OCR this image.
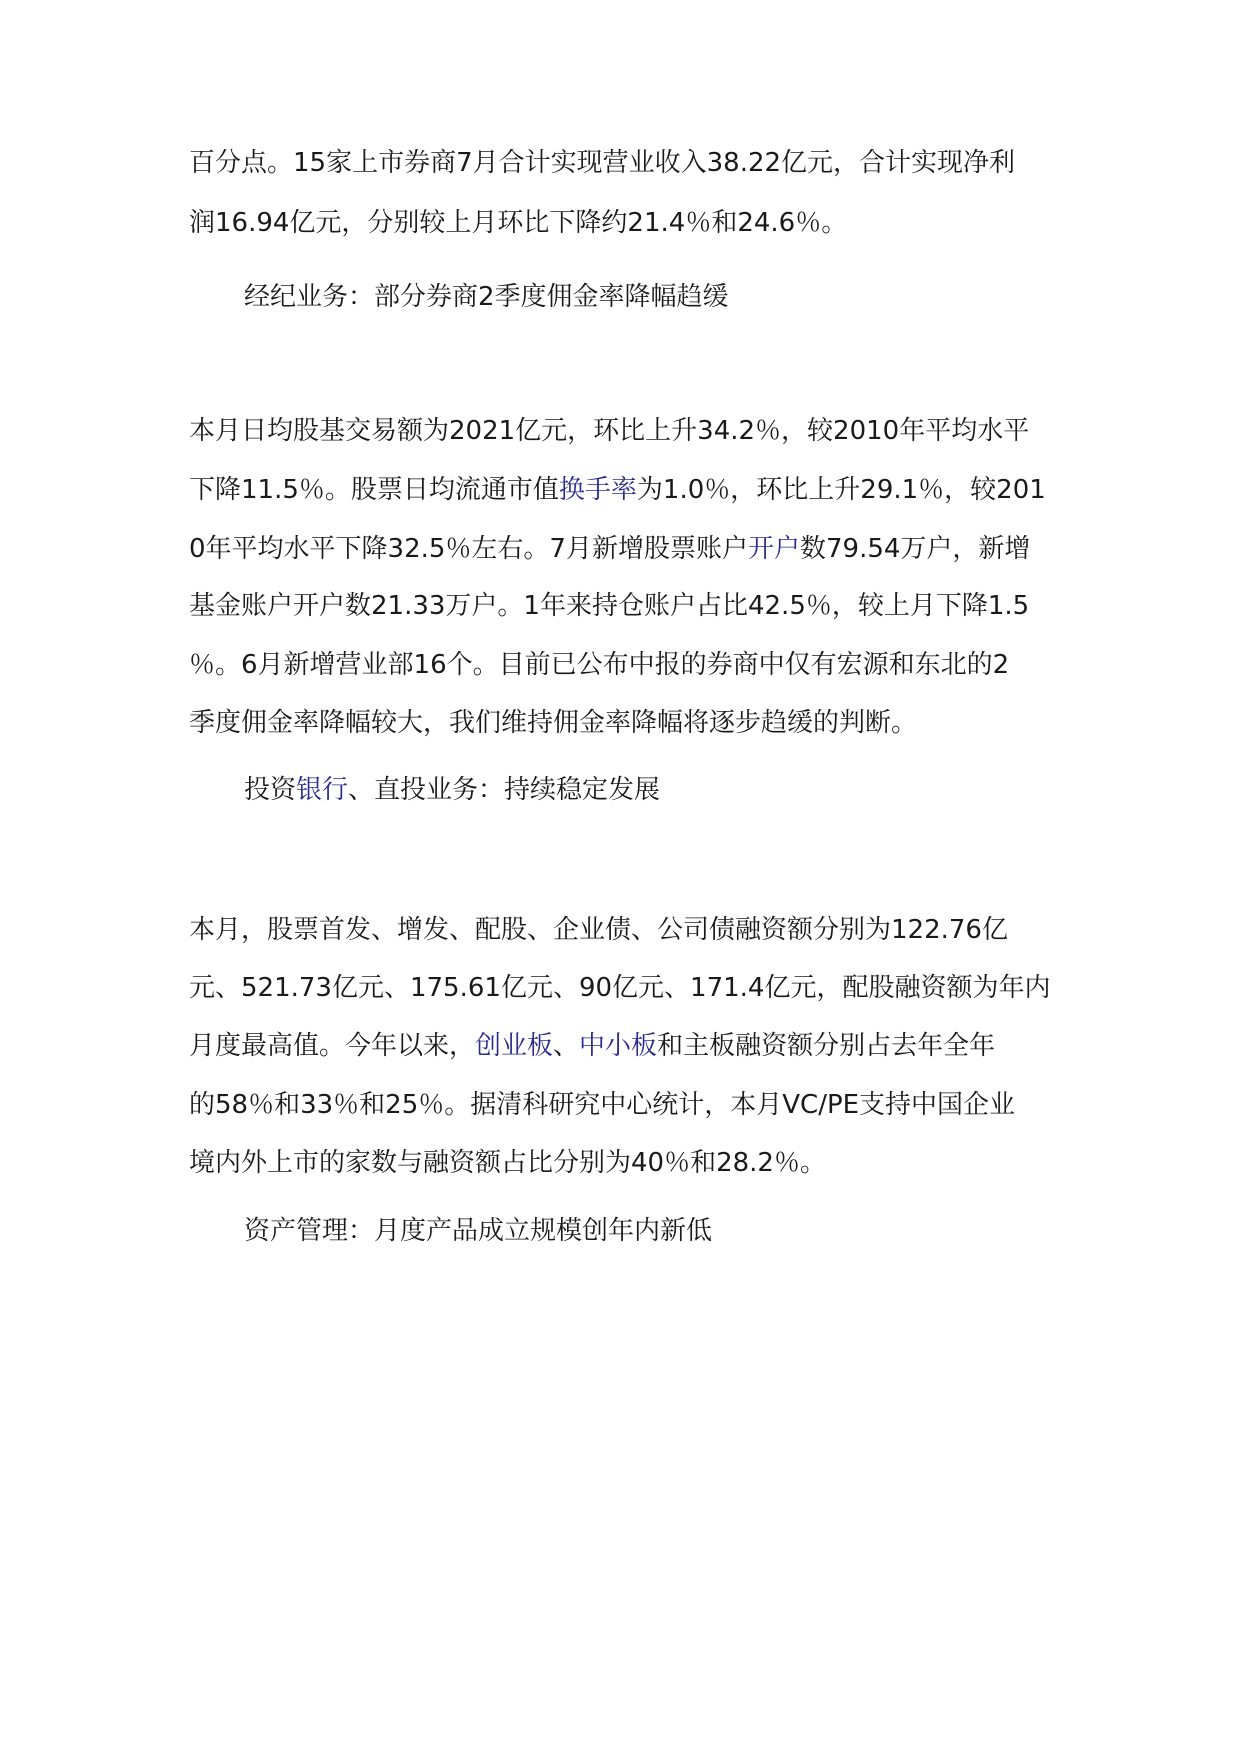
百分点。15家上市券商7月合计实现营业收入38.22亿元，合计实现净利
润16.94亿元，分别较上月环比下降约21.4％和24.6％。
经纪业务：部分券商2季度佣金率降幅趋缓
本月日均股基交易额为2021亿元，环比上升34.2％，较2010年平均水平
下降11.5％。股票日均流通市值换手率为1.0％，环比上升29.1％，较201
0年平均水平下降32.5％左右。7月新增股票账户开户数79.54万户，新增
基金账户开户数21.33万户。1年来持仓账户占比42.5％，较上月下降1.5
％。6月新增营业部16个。目前已公布中报的券商中仅有宏源和东北的2
季度佣金率降幅较大，我们维持佣金率降幅将逐步趋缓的判断。
投资银行、直投业务：持续稳定发展
本月，股票首发、增发、配股、企业债、公司债融资额分别为122.76亿
元、521.73亿元、175.61亿元、90亿元、171.4亿元，配股融资额为年内
月度最高值。今年以来，创业板、中小板和主板融资额分别占去年全年
的58％和33％和25％。据清科研究中心统计，本月VC/PE支持中国企业
境内外上市的家数与融资额占比分别为40％和28.2％。
资产管理：月度产品成立规模创年内新低
